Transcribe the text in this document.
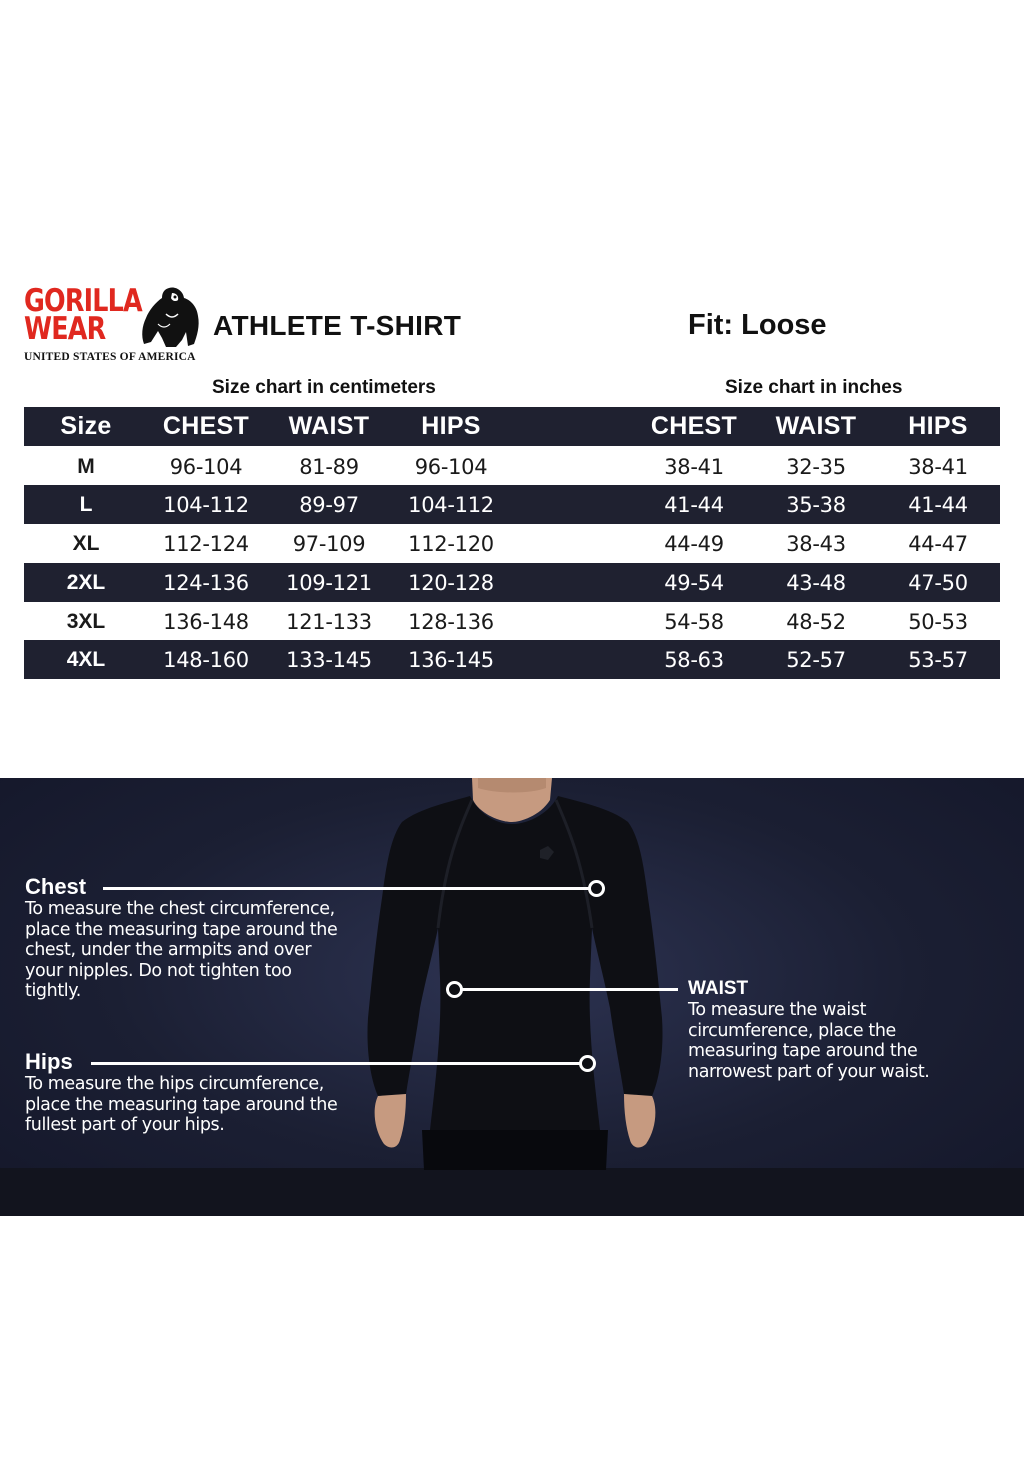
GORILLA
WEAR
UNITED STATES OF AMERICA
ATHLETE T-SHIRT	Fit: Loose
Size chart in centimeters	Size chart in inches
Size	CHEST	WAIST	HIPS	CHEST	WAIST	HIPS
M	96-104	81-89	96-104	38-41	32-35	38-41
L	104-112	89-97	104-112	41-44	35-38	41-44
XL	112-124	97-109	112-120	44-49	38-43	44-47
2XL	124-136	109-121	120-128	49-54	43-48	47-50
3XL	136-148	121-133	128-136	54-58	48-52	50-53
4XL	148-160	133-145	136-145	58-63	52-57	53-57
Chest
To measure the chest circumference, place the measuring tape around the chest, under the armpits and over your nipples. Do not tighten too tightly.	WAIST
To measure the waist circumference, place the measuring tape around the narrowest part of your waist.
Hips
To measure the hips circumference, place the measuring tape around the fullest part of your hips.
